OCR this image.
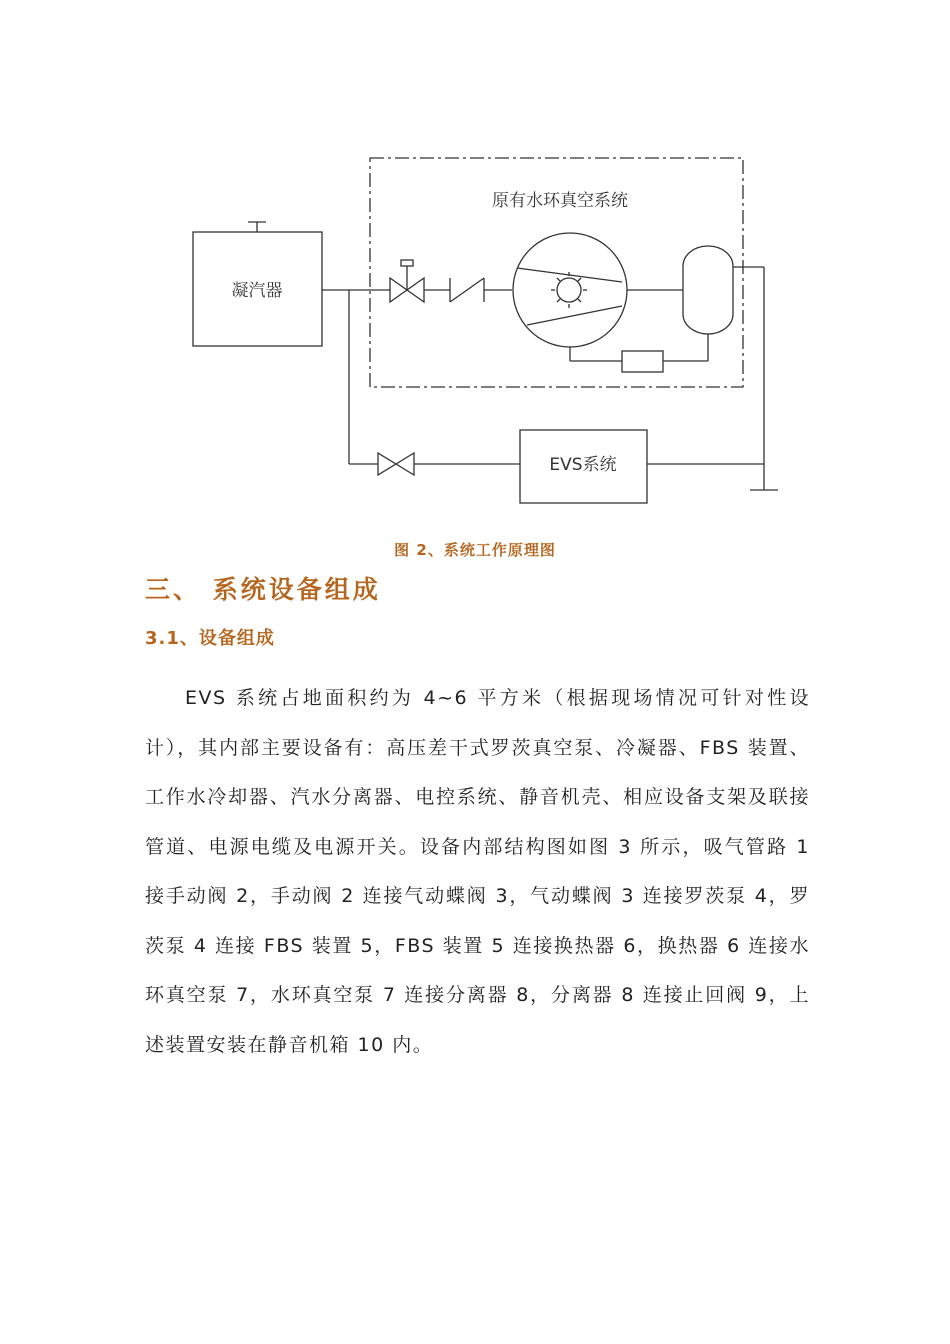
凝汽器
原有水环真空系统
EVS系统
图 2、系统工作原理图
三、 系统设备组成
3.1、设备组成
EVS 系统占地面积约为 4~6 平方米（根据现场情况可针对性设计），其内部主要设备有：高压差干式罗茨真空泵、冷凝器、FBS 装置、工作水冷却器、汽水分离器、电控系统、静音机壳、相应设备支架及联接管道、电源电缆及电源开关。设备内部结构图如图 3 所示，吸气管路 1 接手动阀 2，手动阀 2 连接气动蝶阀 3，气动蝶阀 3 连接罗茨泵 4，罗茨泵 4 连接 FBS 装置 5，FBS 装置 5 连接换热器 6，换热器 6 连接水环真空泵 7，水环真空泵 7 连接分离器 8，分离器 8 连接止回阀 9，上述装置安装在静音机箱 10 内。
